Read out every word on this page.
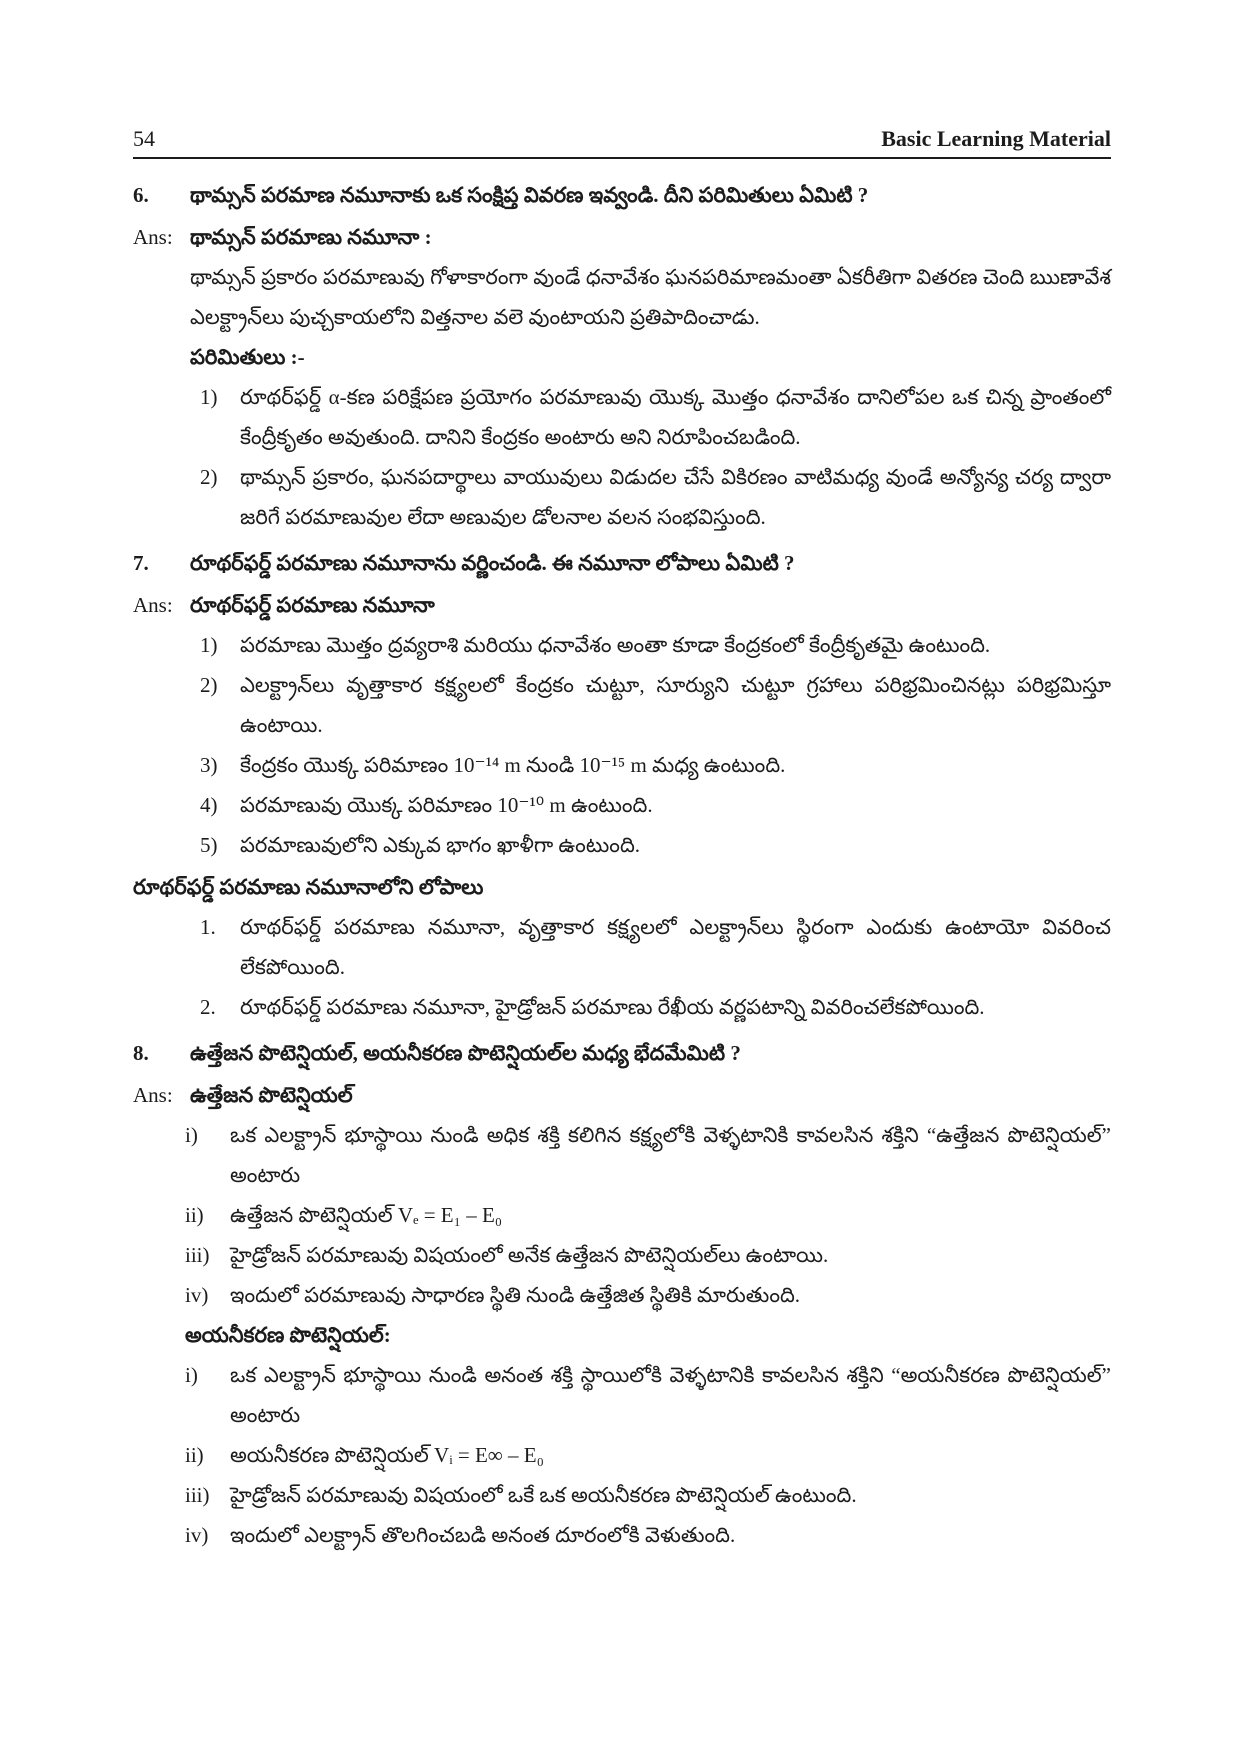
54	Basic Learning Material
6.	థామ్సన్ పరమాణ నమూనాకు ఒక సంక్షిప్త వివరణ ఇవ్వండి. దీని పరిమితులు ఏమిటి ?
Ans: థామ్సన్ పరమాణు నమూనా :
థామ్సన్ ప్రకారం పరమాణువు గోళాకారంగా వుండే ధనావేశం ఘనపరిమాణమంతా ఏకరీతిగా వితరణ చెంది ఋణావేశ ఎలక్ట్రాన్‌లు పుచ్చకాయలోని విత్తనాల వలె వుంటాయని ప్రతిపాదించాడు.
పరిమితులు :-
1)	రూథర్‌ఫర్డ్ α-కణ పరిక్షేపణ ప్రయోగం పరమాణువు యొక్క మొత్తం ధనావేశం దానిలోపల ఒక చిన్న ప్రాంతంలో కేంద్రీకృతం అవుతుంది. దానిని కేంద్రకం అంటారు అని నిరూపించబడింది.
2)	థామ్సన్ ప్రకారం, ఘనపదార్థాలు వాయువులు విడుదల చేసే వికిరణం వాటిమధ్య వుండే అన్యోన్య చర్య ద్వారా జరిగే పరమాణువుల లేదా అణువుల డోలనాల వలన సంభవిస్తుంది.
7.	రూథర్‌ఫర్డ్ పరమాణు నమూనాను వర్ణించండి. ఈ నమూనా లోపాలు ఏమిటి ?
Ans: రూథర్‌ఫర్డ్ పరమాణు నమూనా
1)	పరమాణు మొత్తం ద్రవ్యరాశి మరియు ధనావేశం అంతా కూడా కేంద్రకంలో కేంద్రీకృతమై ఉంటుంది.
2)	ఎలక్ట్రాన్‌లు వృత్తాకార కక్ష్యలలో కేంద్రకం చుట్టూ, సూర్యుని చుట్టూ గ్రహాలు పరిభ్రమించినట్లు పరిభ్రమిస్తూ ఉంటాయి.
3)	కేంద్రకం యొక్క పరిమాణం 10⁻¹⁴ m నుండి 10⁻¹⁵ m మధ్య ఉంటుంది.
4)	పరమాణువు యొక్క పరిమాణం 10⁻¹⁰ m ఉంటుంది.
5)	పరమాణువులోని ఎక్కువ భాగం ఖాళీగా ఉంటుంది.
రూథర్‌ఫర్డ్ పరమాణు నమూనాలోని లోపాలు
1.	రూథర్‌ఫర్డ్ పరమాణు నమూనా, వృత్తాకార కక్ష్యలలో ఎలక్ట్రాన్‌లు స్థిరంగా ఎందుకు ఉంటాయో వివరించ లేకపోయింది.
2.	రూథర్‌ఫర్డ్ పరమాణు నమూనా, హైడ్రోజన్ పరమాణు రేఖీయ వర్ణపటాన్ని వివరించలేకపోయింది.
8.	ఉత్తేజన పొటెన్షియల్, అయనీకరణ పొటెన్షియల్‌ల మధ్య భేదమేమిటి ?
Ans: ఉత్తేజన పొటెన్షియల్
i)	ఒక ఎలక్ట్రాన్ భూస్థాయి నుండి అధిక శక్తి కలిగిన కక్ష్యలోకి వెళ్ళటానికి కావలసిన శక్తిని “ఉత్తేజన పొటెన్షియల్” అంటారు
ii)	ఉత్తేజన పొటెన్షియల్ Vₑ = E₁ – E₀
iii) హైడ్రోజన్ పరమాణువు విషయంలో అనేక ఉత్తేజన పొటెన్షియల్‌లు ఉంటాయి.
iv)	ఇందులో పరమాణువు సాధారణ స్థితి నుండి ఉత్తేజిత స్థితికి మారుతుంది.
అయనీకరణ పొటెన్షియల్:
i)	ఒక ఎలక్ట్రాన్ భూస్థాయి నుండి అనంత శక్తి స్థాయిలోకి వెళ్ళటానికి కావలసిన శక్తిని “అయనీకరణ పొటెన్షియల్” అంటారు
ii)	అయనీకరణ పొటెన్షియల్ Vᵢ = E∞ – E₀
iii) హైడ్రోజన్ పరమాణువు విషయంలో ఒకే ఒక అయనీకరణ పొటెన్షియల్ ఉంటుంది.
iv)	ఇందులో ఎలక్ట్రాన్ తొలగించబడి అనంత దూరంలోకి వెళుతుంది.
